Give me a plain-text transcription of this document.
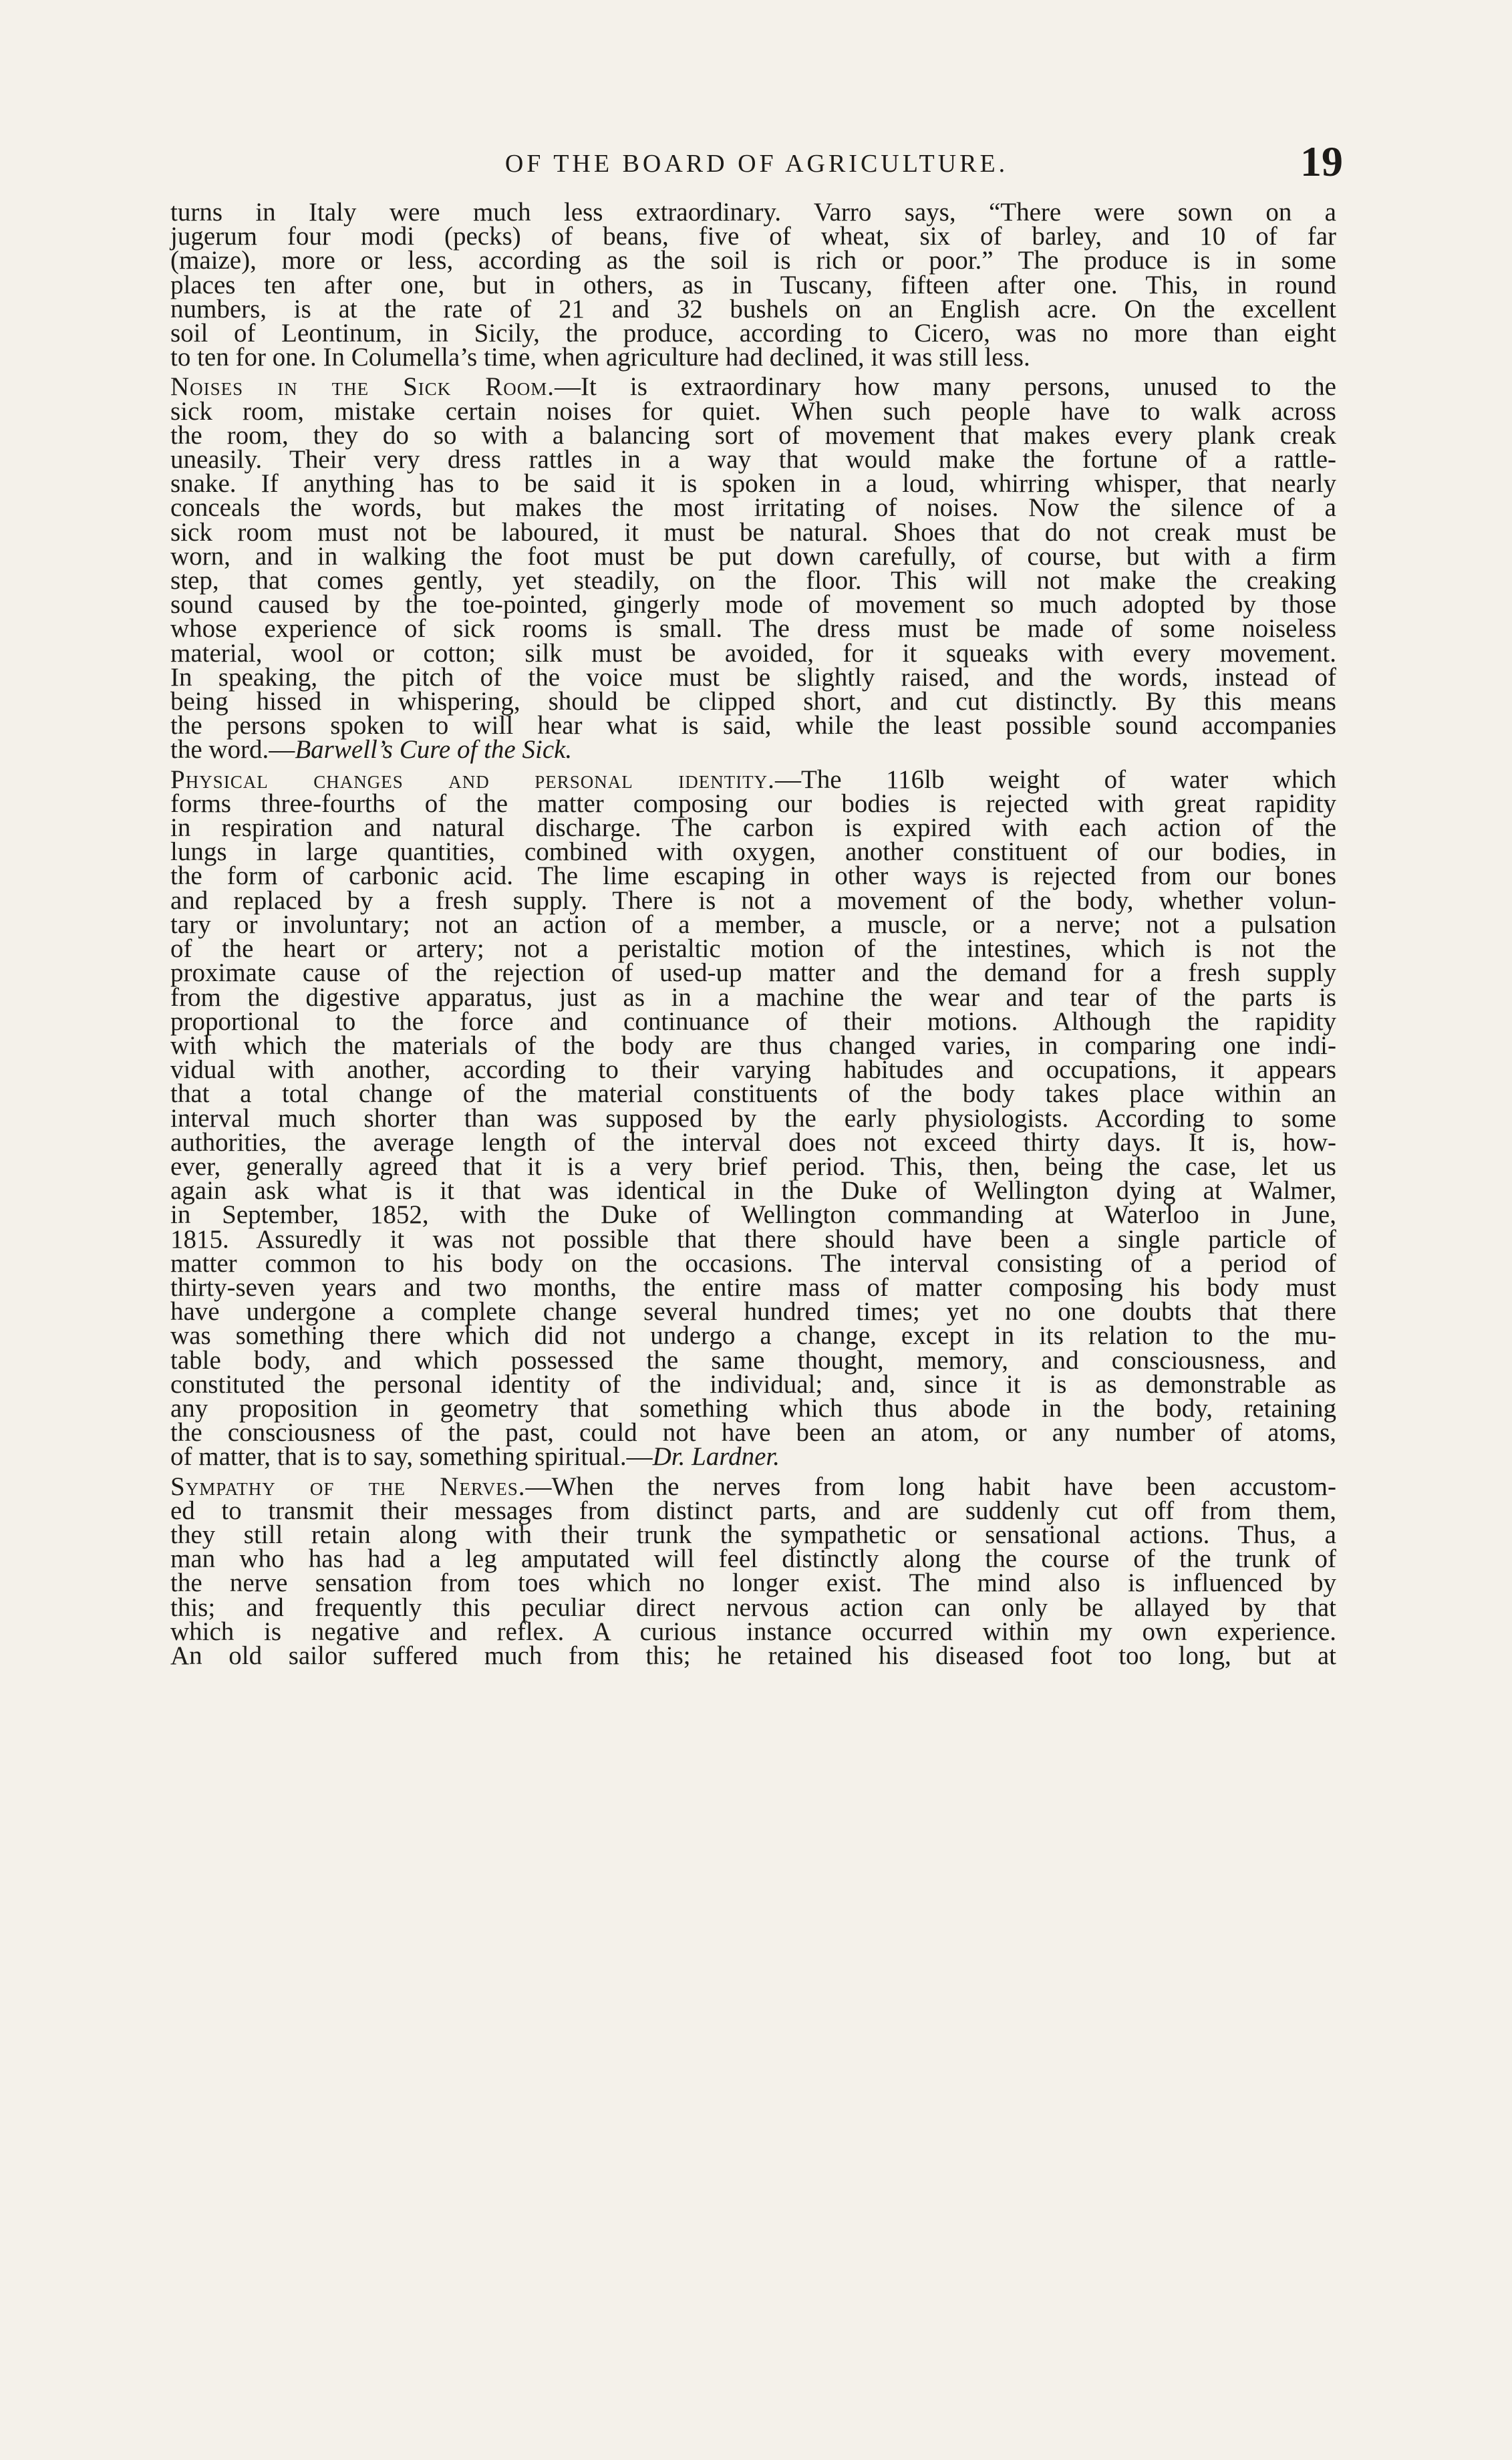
OF THE BOARD OF AGRICULTURE.	19

turns in Italy were much less extraordinary. Varro says, “There were sown on a

jugerum four modi (pecks) of beans, five of wheat, six of barley, and 10 of far

(maize), more or less, according as the soil is rich or poor.” The produce is in some

places ten after one, but in others, as in Tuscany, fifteen after one. This, in round

numbers, is at the rate of 21 and 32 bushels on an English acre. On the excellent

soil of Leontinum, in Sicily, the produce, according to Cicero, was no more than eight

to ten for one. In Columella’s time, when agriculture had declined, it was still less.

Noises in the Sick Room.—It is extraordinary how many persons, unused to the

sick room, mistake certain noises for quiet. When such people have to walk across

the room, they do so with a balancing sort of movement that makes every plank creak

uneasily. Their very dress rattles in a way that would make the fortune of a rattle-

snake. If anything has to be said it is spoken in a loud, whirring whisper, that nearly

conceals the words, but makes the most irritating of noises. Now the silence of a

sick room must not be laboured, it must be natural. Shoes that do not creak must be

worn, and in walking the foot must be put down carefully, of course, but with a firm

step, that comes gently, yet steadily, on the floor. This will not make the creaking

sound caused by the toe-pointed, gingerly mode of movement so much adopted by those

whose experience of sick rooms is small. The dress must be made of some noiseless

material, wool or cotton; silk must be avoided, for it squeaks with every movement.

In speaking, the pitch of the voice must be slightly raised, and the words, instead of

being hissed in whispering, should be clipped short, and cut distinctly. By this means

the persons spoken to will hear what is said, while the least possible sound accompanies

the word.—Barwell’s Cure of the Sick.

Physical changes and personal identity.—The 116lb weight of water which

forms three-fourths of the matter composing our bodies is rejected with great rapidity

in respiration and natural discharge. The carbon is expired with each action of the

lungs in large quantities, combined with oxygen, another constituent of our bodies, in

the form of carbonic acid. The lime escaping in other ways is rejected from our bones

and replaced by a fresh supply. There is not a movement of the body, whether volun-

tary or involuntary; not an action of a member, a muscle, or a nerve; not a pulsation

of the heart or artery; not a peristaltic motion of the intestines, which is not the

proximate cause of the rejection of used-up matter and the demand for a fresh supply

from the digestive apparatus, just as in a machine the wear and tear of the parts is

proportional to the force and continuance of their motions. Although the rapidity

with which the materials of the body are thus changed varies, in comparing one indi-

vidual with another, according to their varying habitudes and occupations, it appears

that a total change of the material constituents of the body takes place within an

interval much shorter than was supposed by the early physiologists. According to some

authorities, the average length of the interval does not exceed thirty days. It is, how-

ever, generally agreed that it is a very brief period. This, then, being the case, let us

again ask what is it that was identical in the Duke of Wellington dying at Walmer,

in September, 1852, with the Duke of Wellington commanding at Waterloo in June,

1815. Assuredly it was not possible that there should have been a single particle of

matter common to his body on the occasions. The interval consisting of a period of

thirty-seven years and two months, the entire mass of matter composing his body must

have undergone a complete change several hundred times; yet no one doubts that there

was something there which did not undergo a change, except in its relation to the mu-

table body, and which possessed the same thought, memory, and consciousness, and

constituted the personal identity of the individual; and, since it is as demonstrable as

any proposition in geometry that something which thus abode in the body, retaining

the consciousness of the past, could not have been an atom, or any number of atoms,

of matter, that is to say, something spiritual.—Dr. Lardner.

Sympathy of the Nerves.—When the nerves from long habit have been accustom-

ed to transmit their messages from distinct parts, and are suddenly cut off from them,

they still retain along with their trunk the sympathetic or sensational actions. Thus, a

man who has had a leg amputated will feel distinctly along the course of the trunk of

the nerve sensation from toes which no longer exist. The mind also is influenced by

this; and frequently this peculiar direct nervous action can only be allayed by that

which is negative and reflex. A curious instance occurred within my own experience.

An old sailor suffered much from this; he retained his diseased foot too long, but at
